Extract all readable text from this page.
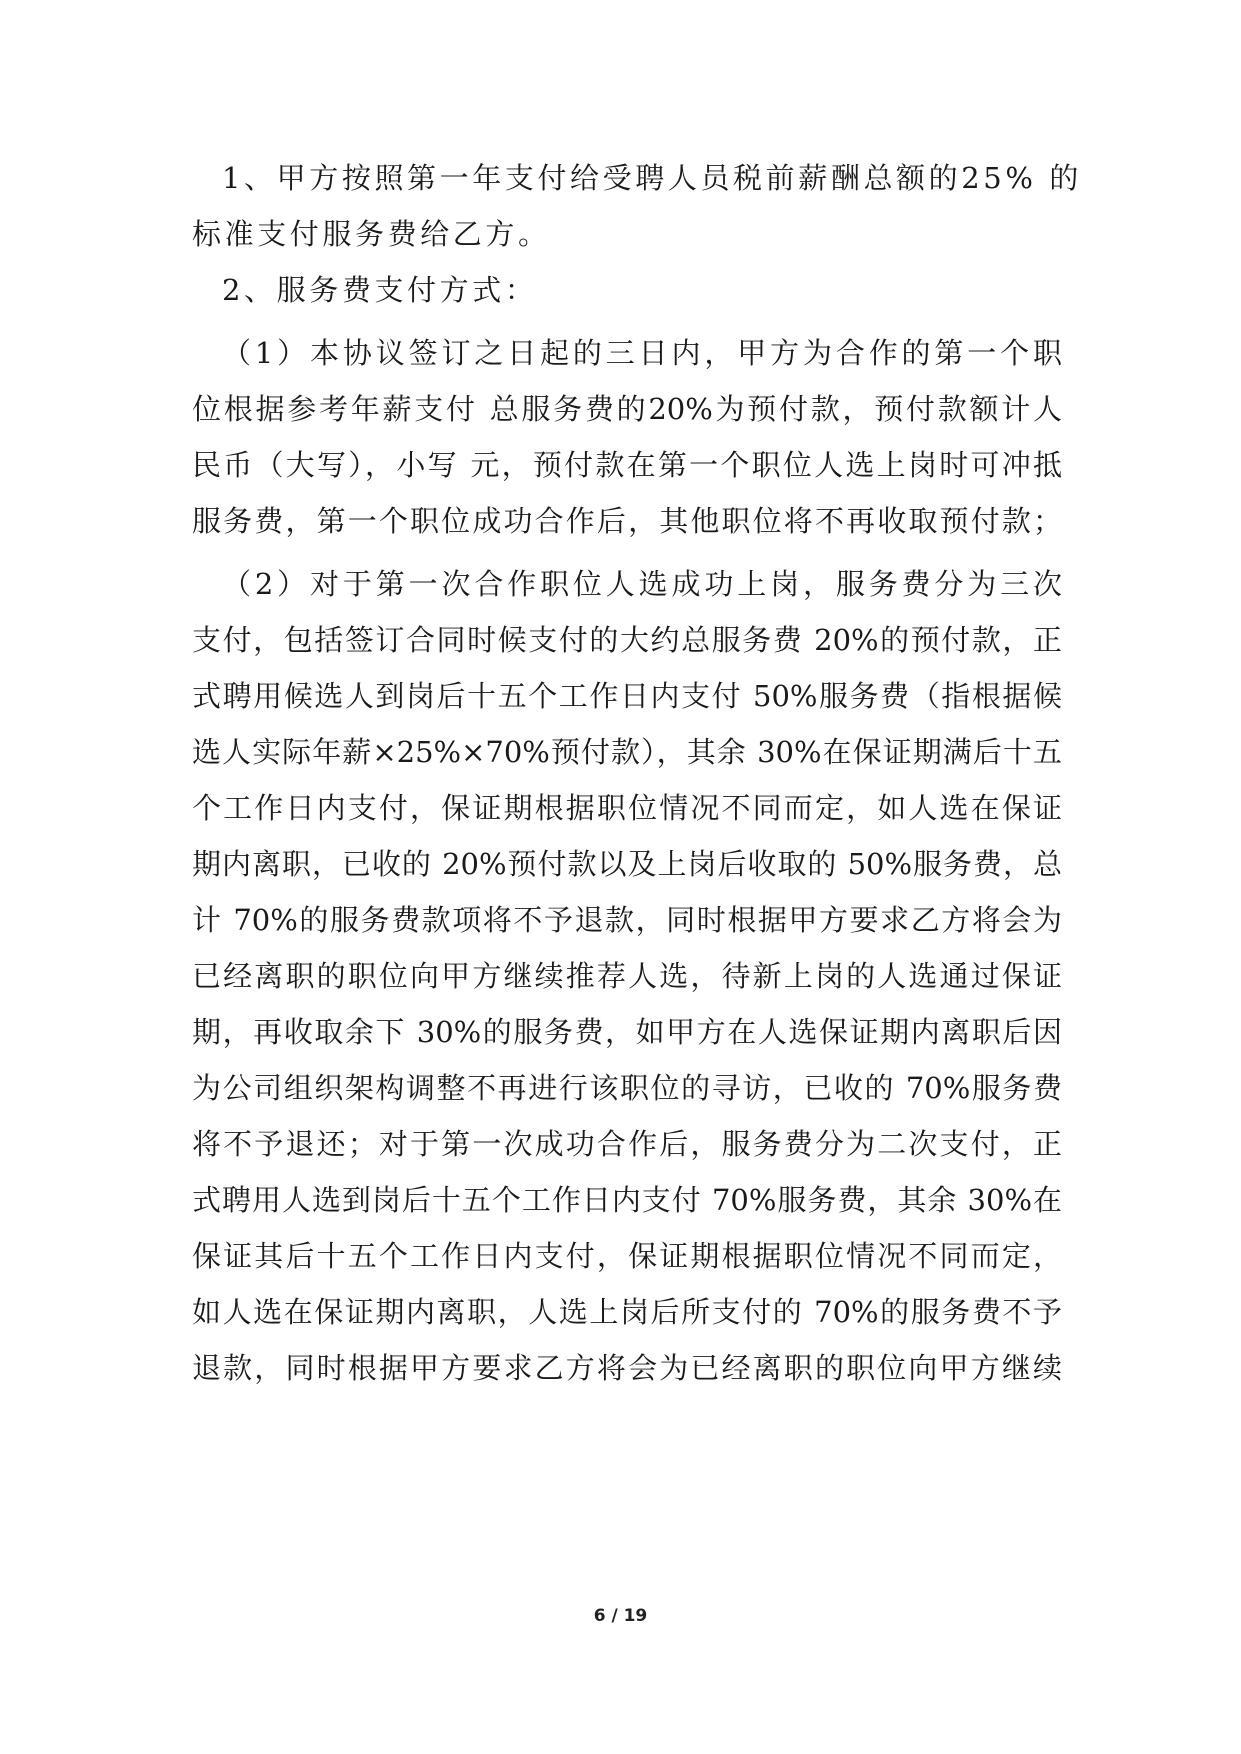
1、甲方按照第一年支付给受聘人员税前薪酬总额的25% 的
标准支付服务费给乙方。
2、服务费支付方式：
（1）本协议签订之日起的三日内，甲方为合作的第一个职
位根据参考年薪支付 总服务费的20%为预付款，预付款额计人
民币（大写），小写 元，预付款在第一个职位人选上岗时可冲抵
服务费，第一个职位成功合作后，其他职位将不再收取预付款；
（2）对于第一次合作职位人选成功上岗，服务费分为三次
支付，包括签订合同时候支付的大约总服务费 20%的预付款，正
式聘用候选人到岗后十五个工作日内支付 50%服务费（指根据候
选人实际年薪×25%×70%预付款），其余 30%在保证期满后十五
个工作日内支付，保证期根据职位情况不同而定，如人选在保证
期内离职，已收的 20%预付款以及上岗后收取的 50%服务费，总
计 70%的服务费款项将不予退款，同时根据甲方要求乙方将会为
已经离职的职位向甲方继续推荐人选，待新上岗的人选通过保证
期，再收取余下 30%的服务费，如甲方在人选保证期内离职后因
为公司组织架构调整不再进行该职位的寻访，已收的 70%服务费
将不予退还；对于第一次成功合作后，服务费分为二次支付，正
式聘用人选到岗后十五个工作日内支付 70%服务费，其余 30%在
保证其后十五个工作日内支付，保证期根据职位情况不同而定，
如人选在保证期内离职，人选上岗后所支付的 70%的服务费不予
退款，同时根据甲方要求乙方将会为已经离职的职位向甲方继续
6 / 19
